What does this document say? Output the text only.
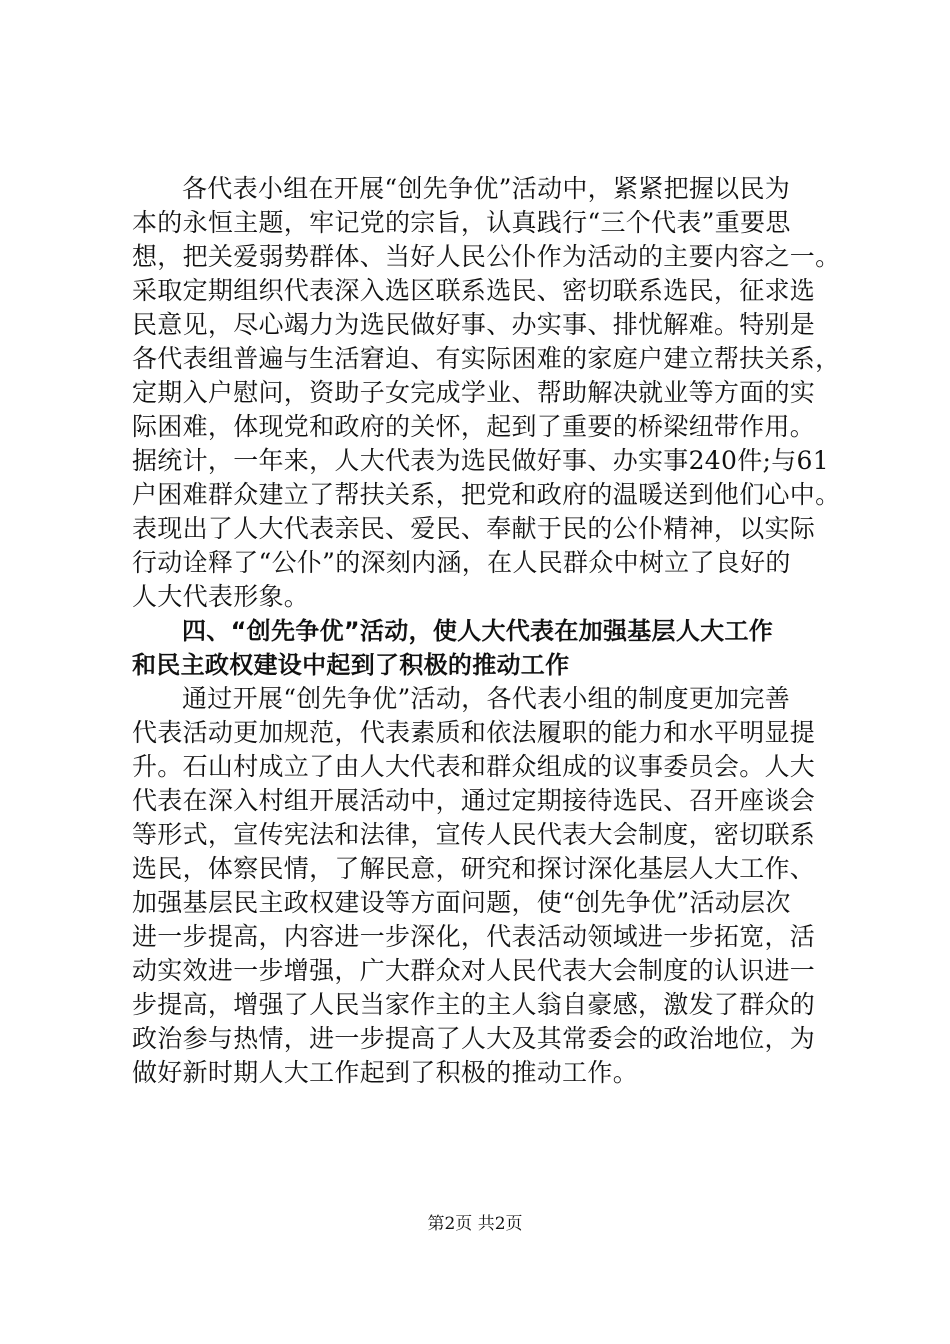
各代表小组在开展“创先争优”活动中，紧紧把握以民为
本的永恒主题，牢记党的宗旨，认真践行“三个代表”重要思
想，把关爱弱势群体、当好人民公仆作为活动的主要内容之一。
采取定期组织代表深入选区联系选民、密切联系选民，征求选
民意见，尽心竭力为选民做好事、办实事、排忧解难。特别是
各代表组普遍与生活窘迫、有实际困难的家庭户建立帮扶关系，
定期入户慰问，资助子女完成学业、帮助解决就业等方面的实
际困难，体现党和政府的关怀，起到了重要的桥梁纽带作用。
据统计，一年来，人大代表为选民做好事、办实事240件;与61
户困难群众建立了帮扶关系，把党和政府的温暖送到他们心中。
表现出了人大代表亲民、爱民、奉献于民的公仆精神，以实际
行动诠释了“公仆”的深刻内涵，在人民群众中树立了良好的
人大代表形象。
四、“创先争优”活动，使人大代表在加强基层人大工作
和民主政权建设中起到了积极的推动工作
通过开展“创先争优”活动，各代表小组的制度更加完善
代表活动更加规范，代表素质和依法履职的能力和水平明显提
升。石山村成立了由人大代表和群众组成的议事委员会。人大
代表在深入村组开展活动中，通过定期接待选民、召开座谈会
等形式，宣传宪法和法律，宣传人民代表大会制度，密切联系
选民，体察民情，了解民意，研究和探讨深化基层人大工作、
加强基层民主政权建设等方面问题，使“创先争优”活动层次
进一步提高，内容进一步深化，代表活动领域进一步拓宽，活
动实效进一步增强，广大群众对人民代表大会制度的认识进一
步提高，增强了人民当家作主的主人翁自豪感，激发了群众的
政治参与热情，进一步提高了人大及其常委会的政治地位，为
做好新时期人大工作起到了积极的推动工作。
第2页 共2页
